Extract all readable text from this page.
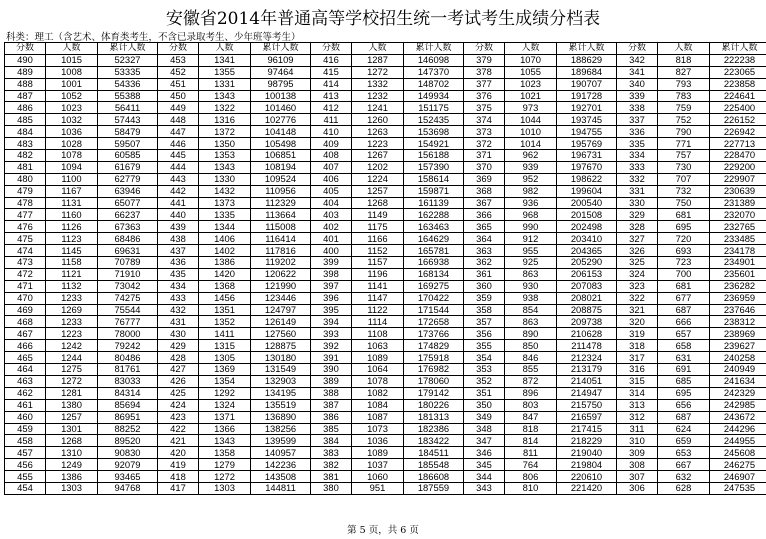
安徽省2014年普通高等学校招生统一考试考生成绩分档表
科类：理工（含艺术、体育类考生，不含已录取考生、少年班等考生）
分数	人数	累计人数	分数	人数	累计人数	分数	人数	累计人数	分数	人数	累计人数	分数	人数	累计人数
490	1015	52327	453	1341	96109	416	1287	146098	379	1070	188629	342	818	222238
489	1008	53335	452	1355	97464	415	1272	147370	378	1055	189684	341	827	223065
488	1001	54336	451	1331	98795	414	1332	148702	377	1023	190707	340	793	223858
487	1052	55388	450	1343	100138	413	1232	149934	376	1021	191728	339	783	224641
486	1023	56411	449	1322	101460	412	1241	151175	375	973	192701	338	759	225400
485	1032	57443	448	1316	102776	411	1260	152435	374	1044	193745	337	752	226152
484	1036	58479	447	1372	104148	410	1263	153698	373	1010	194755	336	790	226942
483	1028	59507	446	1350	105498	409	1223	154921	372	1014	195769	335	771	227713
482	1078	60585	445	1353	106851	408	1267	156188	371	962	196731	334	757	228470
481	1094	61679	444	1343	108194	407	1202	157390	370	939	197670	333	730	229200
480	1100	62779	443	1330	109524	406	1224	158614	369	952	198622	332	707	229907
479	1167	63946	442	1432	110956	405	1257	159871	368	982	199604	331	732	230639
478	1131	65077	441	1373	112329	404	1268	161139	367	936	200540	330	750	231389
477	1160	66237	440	1335	113664	403	1149	162288	366	968	201508	329	681	232070
476	1126	67363	439	1344	115008	402	1175	163463	365	990	202498	328	695	232765
475	1123	68486	438	1406	116414	401	1166	164629	364	912	203410	327	720	233485
474	1145	69631	437	1402	117816	400	1152	165781	363	955	204365	326	693	234178
473	1158	70789	436	1386	119202	399	1157	166938	362	925	205290	325	723	234901
472	1121	71910	435	1420	120622	398	1196	168134	361	863	206153	324	700	235601
471	1132	73042	434	1368	121990	397	1141	169275	360	930	207083	323	681	236282
470	1233	74275	433	1456	123446	396	1147	170422	359	938	208021	322	677	236959
469	1269	75544	432	1351	124797	395	1122	171544	358	854	208875	321	687	237646
468	1233	76777	431	1352	126149	394	1114	172658	357	863	209738	320	666	238312
467	1223	78000	430	1411	127560	393	1108	173766	356	890	210628	319	657	238969
466	1242	79242	429	1315	128875	392	1063	174829	355	850	211478	318	658	239627
465	1244	80486	428	1305	130180	391	1089	175918	354	846	212324	317	631	240258
464	1275	81761	427	1369	131549	390	1064	176982	353	855	213179	316	691	240949
463	1272	83033	426	1354	132903	389	1078	178060	352	872	214051	315	685	241634
462	1281	84314	425	1292	134195	388	1082	179142	351	896	214947	314	695	242329
461	1380	85694	424	1324	135519	387	1084	180226	350	803	215750	313	656	242985
460	1257	86951	423	1371	136890	386	1087	181313	349	847	216597	312	687	243672
459	1301	88252	422	1366	138256	385	1073	182386	348	818	217415	311	624	244296
458	1268	89520	421	1343	139599	384	1036	183422	347	814	218229	310	659	244955
457	1310	90830	420	1358	140957	383	1089	184511	346	811	219040	309	653	245608
456	1249	92079	419	1279	142236	382	1037	185548	345	764	219804	308	667	246275
455	1386	93465	418	1272	143508	381	1060	186608	344	806	220610	307	632	246907
454	1303	94768	417	1303	144811	380	951	187559	343	810	221420	306	628	247535
第 5 页，共 6 页
